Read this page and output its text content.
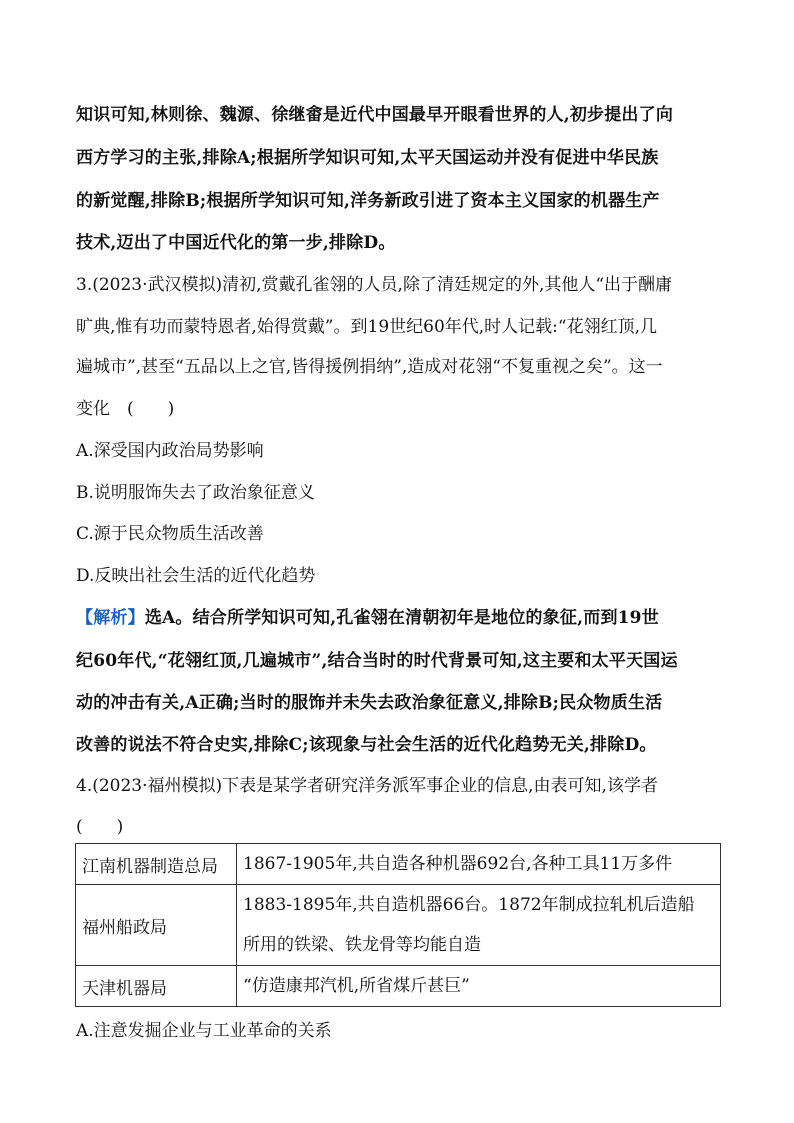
知识可知,林则徐、魏源、徐继畬是近代中国最早开眼看世界的人,初步提出了向
西方学习的主张,排除A;根据所学知识可知,太平天国运动并没有促进中华民族
的新觉醒,排除B;根据所学知识可知,洋务新政引进了资本主义国家的机器生产
技术,迈出了中国近代化的第一步,排除D。
3.(2023·武汉模拟)清初,赏戴孔雀翎的人员,除了清廷规定的外,其他人“出于酬庸
旷典,惟有功而蒙特恩者,始得赏戴”。到19世纪60年代,时人记载:“花翎红顶,几
遍城市”,甚至“五品以上之官,皆得援例捐纳”,造成对花翎“不复重视之矣”。这一
变化　(　　)
A.深受国内政治局势影响
B.说明服饰失去了政治象征意义
C.源于民众物质生活改善
D.反映出社会生活的近代化趋势
【解析】选A。结合所学知识可知,孔雀翎在清朝初年是地位的象征,而到19世
纪60年代,“花翎红顶,几遍城市”,结合当时的时代背景可知,这主要和太平天国运
动的冲击有关,A正确;当时的服饰并未失去政治象征意义,排除B;民众物质生活
改善的说法不符合史实,排除C;该现象与社会生活的近代化趋势无关,排除D。
4.(2023·福州模拟)下表是某学者研究洋务派军事企业的信息,由表可知,该学者
(　　)
江南机器制造总局	1867-1905年,共自造各种机器692台,各种工具11万多件

福州船政局	1883-1895年,共自造机器66台。1872年制成拉轧机后造船
所用的铁梁、铁龙骨等均能自造

天津机器局	“仿造康邦汽机,所省煤斤甚巨”
A.注意发掘企业与工业革命的关系
